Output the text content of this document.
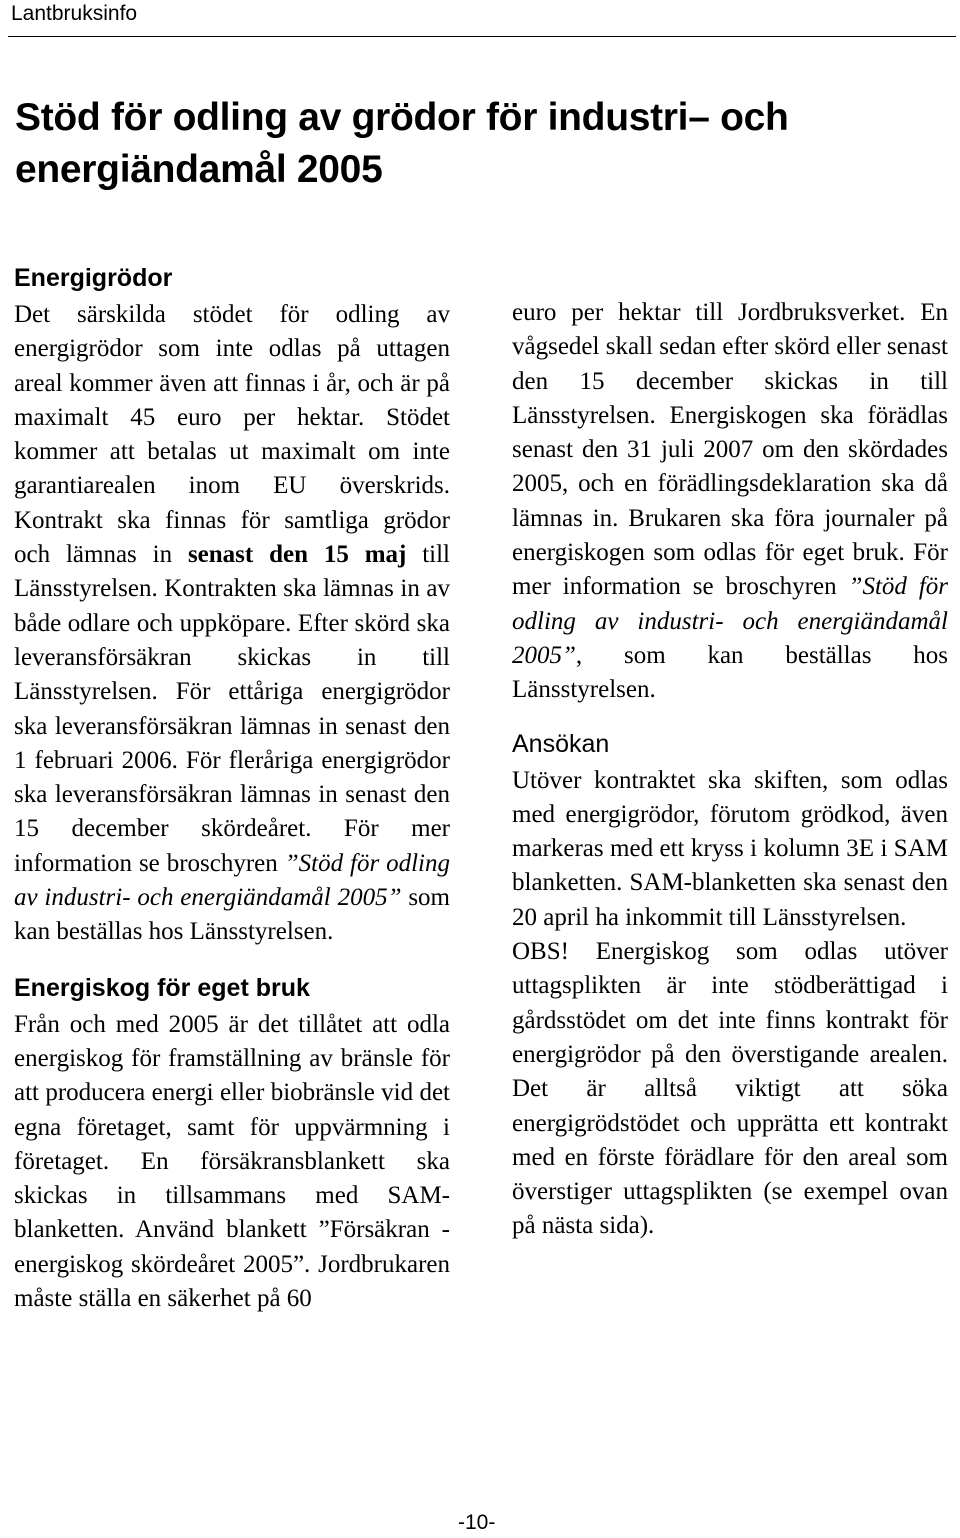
Lantbruksinfo
Stöd för odling av grödor för industri– och energiändamål 2005
Energigrödor

Det särskilda stödet för odling av energigrödor som inte odlas på uttagen areal kommer även att finnas i år, och är på maximalt 45 euro per hektar. Stödet kommer att betalas ut maximalt om inte garantiarealen inom EU överskrids. Kontrakt ska finnas för samtliga grödor och lämnas in senast den 15 maj till Länsstyrelsen. Kontrakten ska lämnas in av både odlare och uppköpare. Efter skörd ska leveransförsäkran skickas in till Länsstyrelsen. För ettåriga energigrödor ska leveransförsäkran lämnas in senast den 1 februari 2006. För fleråriga energigrödor ska leveransförsäkran lämnas in senast den 15 december skördeåret. För mer information se broschyren ”Stöd för odling av industri- och energiändamål 2005” som kan beställas hos Länsstyrelsen.

Energiskog för eget bruk

Från och med 2005 är det tillåtet att odla energiskog för framställning av bränsle för att producera energi eller biobränsle vid det egna företaget, samt för uppvärmning i företaget. En försäkransblankett ska skickas in tillsammans med SAM-blanketten. Använd blankett ”Försäkran - energiskog skördeåret 2005”. Jordbrukaren måste ställa en säkerhet på 60

euro per hektar till Jordbruksverket. En vågsedel skall sedan efter skörd eller senast den 15 december skickas in till Länsstyrelsen. Energiskogen ska förädlas senast den 31 juli 2007 om den skördades 2005, och en förädlingsdeklaration ska då lämnas in. Brukaren ska föra journaler på energiskogen som odlas för eget bruk. För mer information se broschyren ”Stöd för odling av industri- och energiändamål 2005”, som kan beställas hos Länsstyrelsen.

Ansökan

Utöver kontraktet ska skiften, som odlas med energigrödor, förutom grödkod, även markeras med ett kryss i kolumn 3E i SAM blanketten. SAM-blanketten ska senast den 20 april ha inkommit till Länsstyrelsen.

OBS! Energiskog som odlas utöver uttagsplikten är inte stödberättigad i gårdsstödet om det inte finns kontrakt för energigrödor på den överstigande arealen. Det är alltså viktigt att söka energigrödstödet och upprätta ett kontrakt med en förste förädlare för den areal som överstiger uttagsplikten (se exempel ovan på nästa sida).

-10-
